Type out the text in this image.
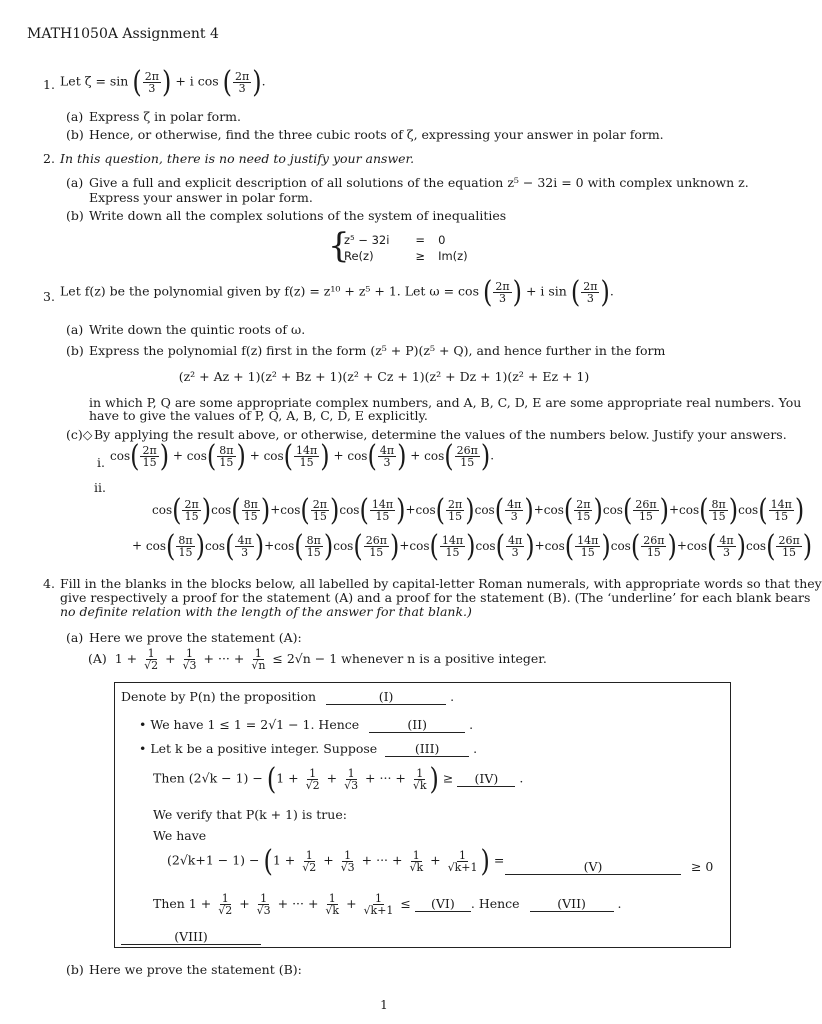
MATH1050A Assignment 4
1. Let ζ = sin ( $\frac{2\pi}{3}$ ) + i cos ( $\frac{2\pi}{3}$ ).
(a) Express ζ in polar form.
(b) Hence, or otherwise, find the three cubic roots of ζ, expressing your answer in polar form.
2. In this question, there is no need to justify your answer.
(a) Give a full and explicit description of all solutions of the equation z⁵ − 32i = 0 with complex unknown z.
Express your answer in polar form.
(b) Write down all the complex solutions of the system of inequalities
{
z⁵ − 32i	=	0
Re(z)	≥	Im(z)
3. Let f(z) be the polynomial given by f(z) = z¹⁰ + z⁵ + 1. Let ω = cos ( $\frac{2\pi}{3}$ ) + i sin ( $\frac{2\pi}{3}$ ).
(a) Write down the quintic roots of ω.
(b) Express the polynomial f(z) first in the form (z⁵ + P)(z⁵ + Q), and hence further in the form
(z² + Az + 1)(z² + Bz + 1)(z² + Cz + 1)(z² + Dz + 1)(z² + Ez + 1)
in which P, Q are some appropriate complex numbers, and A, B, C, D, E are some appropriate real numbers. You
have to give the values of P, Q, A, B, C, D, E explicitly.
(c)◇ By applying the result above, or otherwise, determine the values of the numbers below. Justify your answers.
i. $\cos( \frac{2\pi}{15}$ ) + $\cos( \frac{8\pi}{15}$ ) + $\cos( \frac{14\pi}{15}$ ) + $\cos( \frac{4\pi}{3}$ ) + $\cos( \frac{26\pi}{15}$ ).
ii.
$\cos( \frac{2\pi}{15} )\cos( \frac{8\pi}{15} )+\cos( \frac{2\pi}{15} )\cos( \frac{14\pi}{15} )+\cos( \frac{2\pi}{15} )\cos( \frac{4\pi}{3} )+\cos( \frac{2\pi}{15} )\cos( \frac{26\pi}{15} )+\cos( \frac{8\pi}{15} )\cos( \frac{14\pi}{15}$ )
+ $\cos( \frac{8\pi}{15} )\cos( \frac{4\pi}{3} )+\cos( \frac{8\pi}{15} )\cos( \frac{26\pi}{15} )+\cos( \frac{14\pi}{15} )\cos( \frac{4\pi}{3} )+\cos( \frac{14\pi}{15} )\cos( \frac{26\pi}{15} )+\cos( \frac{4\pi}{3} )\cos( \frac{26\pi}{15}$ )
4. Fill in the blanks in the blocks below, all labelled by capital-letter Roman numerals, with appropriate words so that they
give respectively a proof for the statement (A) and a proof for the statement (B). (The ‘underline’ for each blank bears
no definite relation with the length of the answer for that blank.)
(a) Here we prove the statement (A):
(A)  $1 + \frac{1}{√2} + \frac{1}{√3}$ + ··· + $\frac{1}{√n} \le 2√n - 1$ whenever n is a positive integer.
Denote by P(n) the proposition	(I)	.
• We have 1 ≤ 1 = 2√1 − 1. Hence	(II)	.
• Let k be a positive integer. Suppose	(III) .
Then $(2√k - 1) - (1 + \frac{1}{√2} + \frac{1}{√3}$ + ··· + $\frac{1}{√k}$ ) ≥ (IV) .
We verify that P(k + 1) is true:
We have
$(2√k+1 - 1) - (1 + \frac{1}{√2} + \frac{1}{√3}$ + ··· + $\frac{1}{√k} + \frac{1}{√k+1}$ ) =	(V)	≥ 0
Then $1 + \frac{1}{√2} + \frac{1}{√3}$ + ··· + $\frac{1}{√k} + \frac{1}{√k+1} \le (VI)$ . Hence	(VII) .
(VIII)
(b) Here we prove the statement (B):
1
